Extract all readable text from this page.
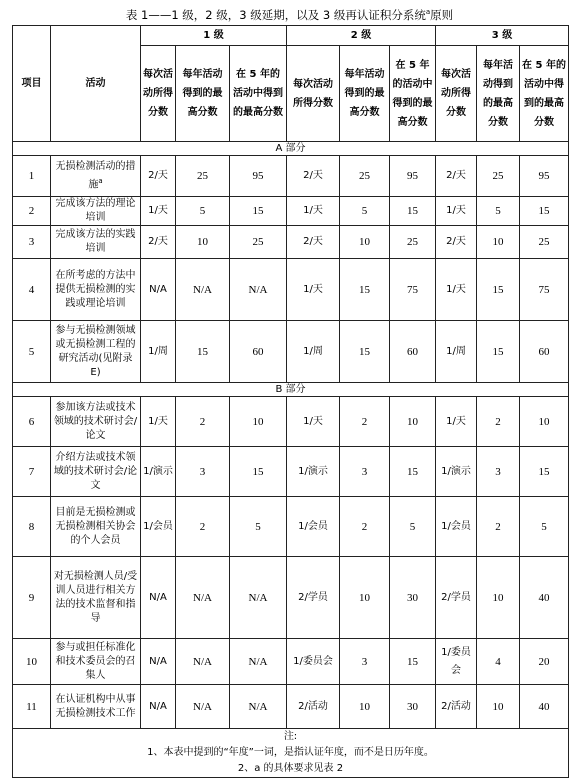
表 1——1 级，2 级，3 级延期，以及 3 级再认证积分系统$^a$原则
项目	活动	1 级			2 级			3 级		
		每次活动所得分数	每年活动得到的最高分数	在 5 年的活动中得到的最高分数	每次活动所得分数	每年活动得到的最高分数	在 5 年的活动中得到的最高分数	每次活动所得分数	每年活动得到的最高分数	在 5 年的活动中得到的最高分数
A 部分										
1	无损检测活动的措施$^a$	2/天	25	95	2/天	25	95	2/天	25	95
2	完成该方法的理论培训	1/天	5	15	1/天	5	15	1/天	5	15
3	完成该方法的实践培训	2/天	10	25	2/天	10	25	2/天	10	25
4	在所考虑的方法中提供无损检测的实践或理论培训	N/A	N/A	N/A	1/天	15	75	1/天	15	75
5	参与无损检测领域或无损检测工程的研究活动(见附录 E)	1/周	15	60	1/周	15	60	1/周	15	60
B 部分										
6	参加该方法或技术领域的技术研讨会/论文	1/天	2	10	1/天	2	10	1/天	2	10
7	介绍方法或技术领域的技术研讨会/论文	1/演示	3	15	1/演示	3	15	1/演示	3	15
8	目前是无损检测或无损检测相关协会的个人会员	1/会员	2	5	1/会员	2	5	1/会员	2	5
9	对无损检测人员/受训人员进行相关方法的技术监督和指导	N/A	N/A	N/A	2/学员	10	30	2/学员	10	40
10	参与或担任标准化和技术委员会的召集人	N/A	N/A	N/A	1/委员会	3	15	1/委员会	4	20
11	在认证机构中从事无损检测技术工作	N/A	N/A	N/A	2/活动	10	30	2/活动	10	40

注:
1、本表中提到的“年度”一词，是指认证年度，而不是日历年度。
2、a 的具体要求见表 2										
